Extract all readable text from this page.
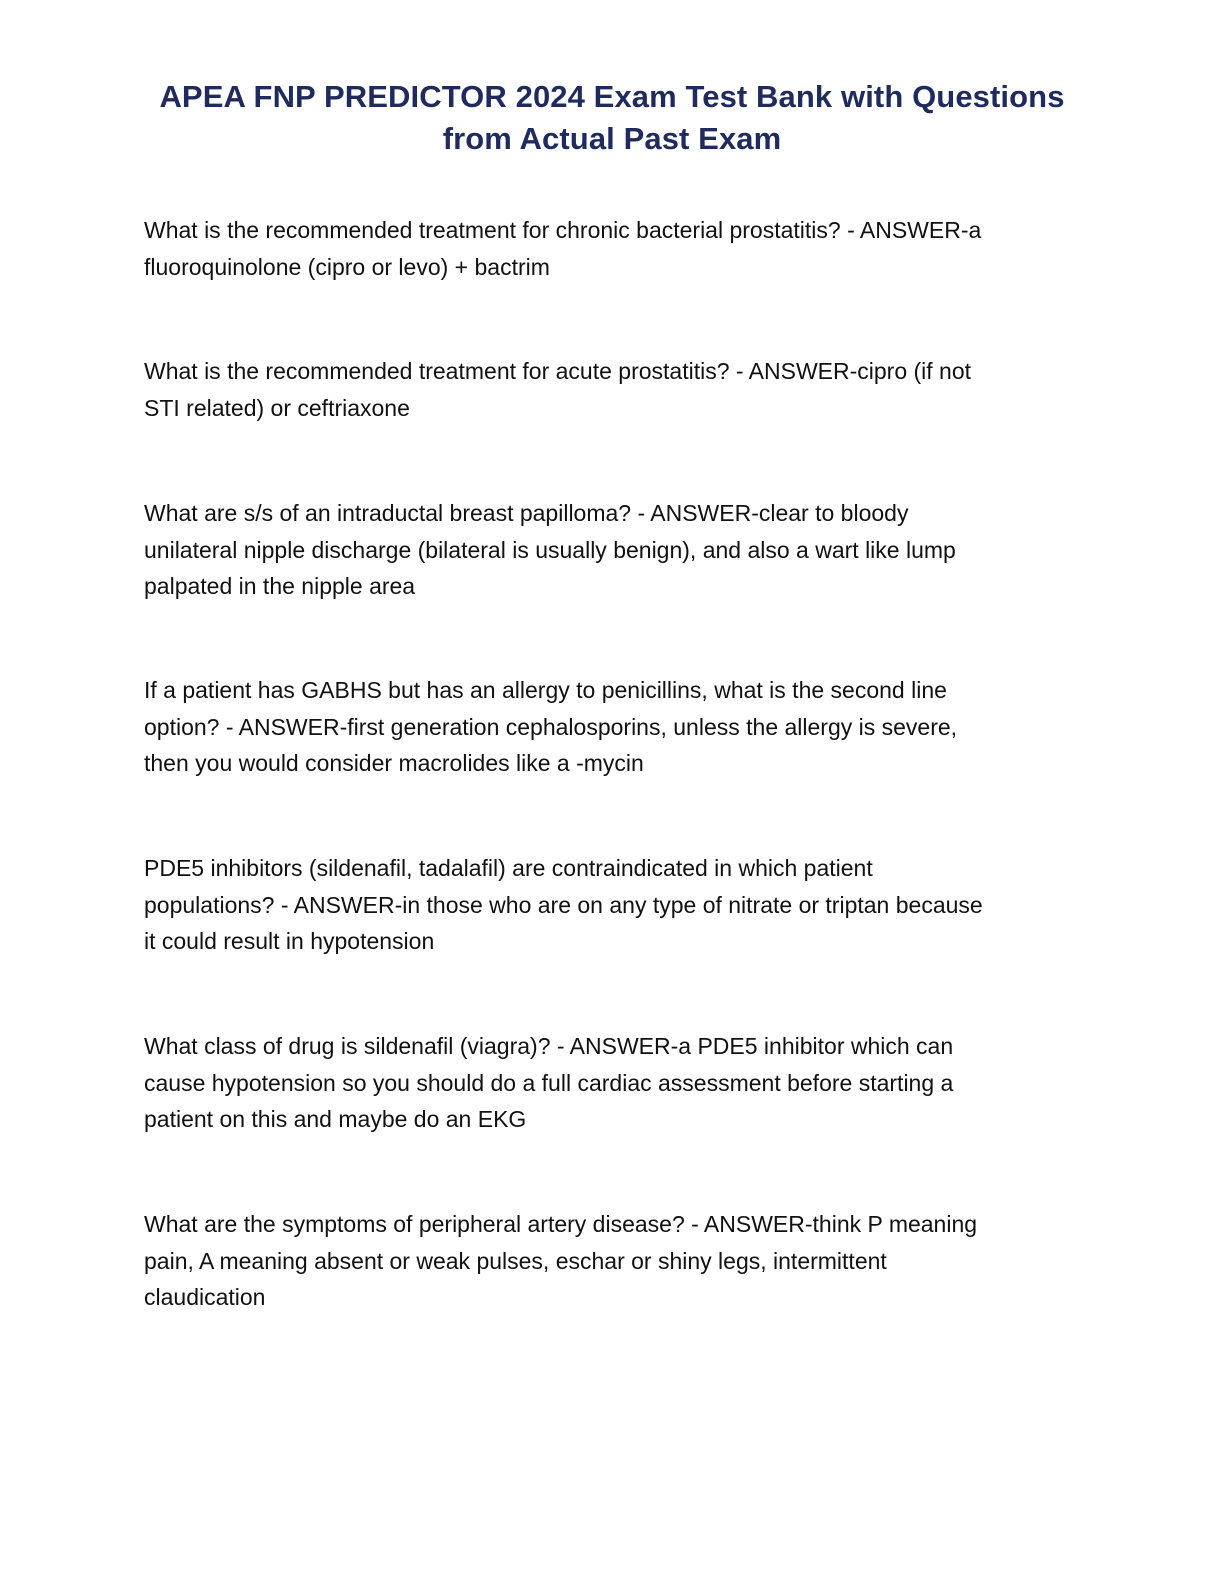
APEA FNP PREDICTOR 2024 Exam Test Bank with Questions
from Actual Past Exam

What is the recommended treatment for chronic bacterial prostatitis? - ANSWER-a
fluoroquinolone (cipro or levo) + bactrim

What is the recommended treatment for acute prostatitis? - ANSWER-cipro (if not
STI related) or ceftriaxone

What are s/s of an intraductal breast papilloma? - ANSWER-clear to bloody
unilateral nipple discharge (bilateral is usually benign), and also a wart like lump
palpated in the nipple area

If a patient has GABHS but has an allergy to penicillins, what is the second line
option? - ANSWER-first generation cephalosporins, unless the allergy is severe,
then you would consider macrolides like a -mycin

PDE5 inhibitors (sildenafil, tadalafil) are contraindicated in which patient
populations? - ANSWER-in those who are on any type of nitrate or triptan because
it could result in hypotension

What class of drug is sildenafil (viagra)? - ANSWER-a PDE5 inhibitor which can
cause hypotension so you should do a full cardiac assessment before starting a
patient on this and maybe do an EKG

What are the symptoms of peripheral artery disease? - ANSWER-think P meaning
pain, A meaning absent or weak pulses, eschar or shiny legs, intermittent
claudication
